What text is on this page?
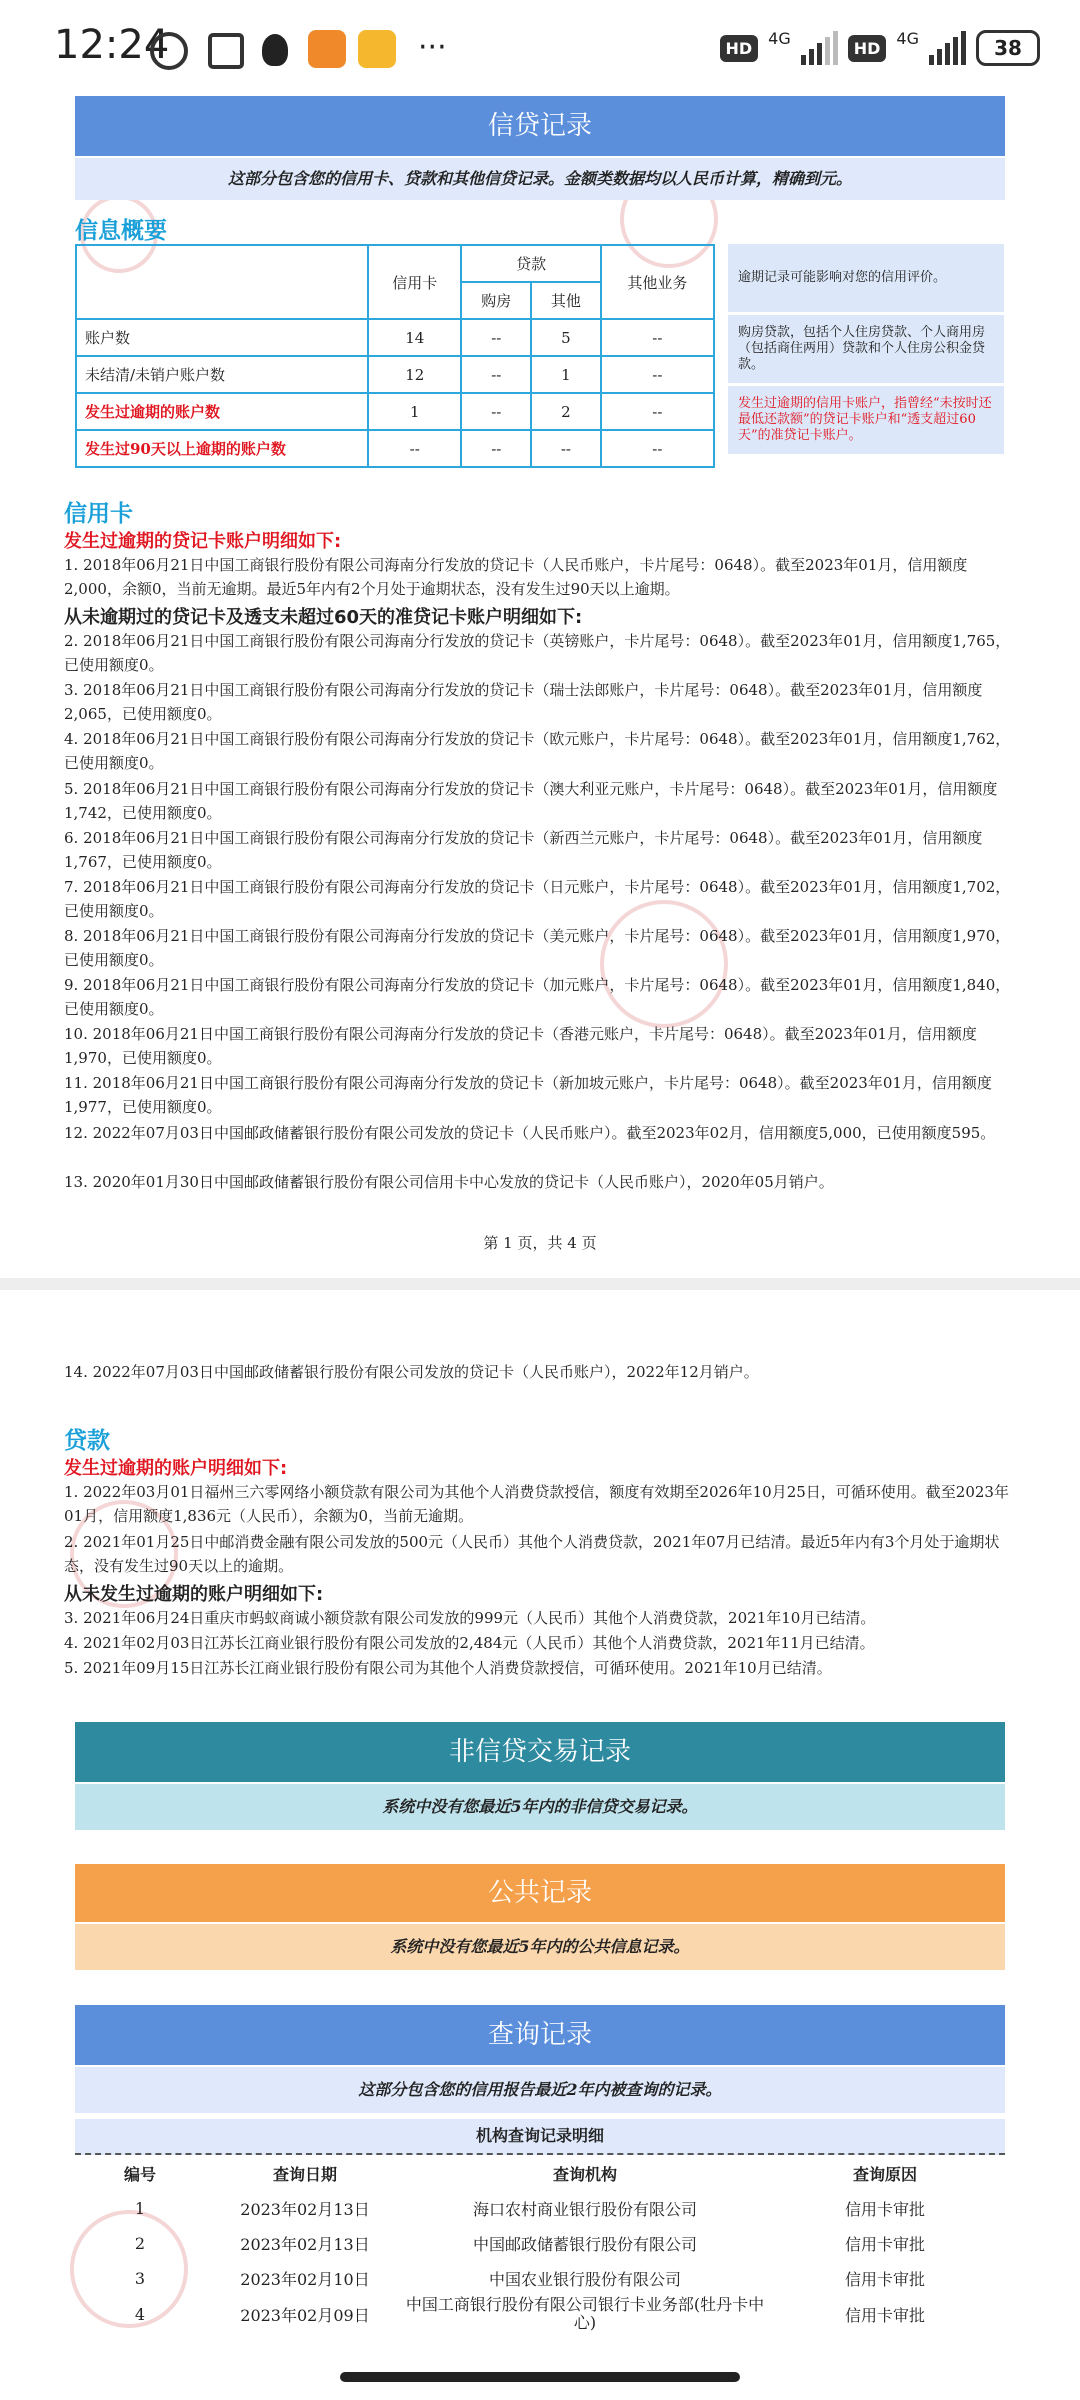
12:24	···	HD
4G
HD
4G	38
信贷记录
这部分包含您的信用卡、贷款和其他信贷记录。金额类数据均以人民币计算，精确到元。
信息概要
	信用卡	贷款		其他业务
		购房	其他	
账户数	14	--	5	--
未结清/未销户账户数	12	--	1	--
发生过逾期的账户数	1	--	2	--
发生过90天以上逾期的账户数	--	--	--	--
逾期记录可能影响对您的信用评价。
购房贷款，包括个人住房贷款、个人商用房（包括商住两用）贷款和个人住房公积金贷款。
发生过逾期的信用卡账户，指曾经“未按时还最低还款额”的贷记卡账户和“透支超过60天”的准贷记卡账户。
信用卡
发生过逾期的贷记卡账户明细如下:
1. 2018年06月21日中国工商银行股份有限公司海南分行发放的贷记卡（人民币账户，卡片尾号：0648）。截至2023年01月，信用额度2,000，余额0，当前无逾期。最近5年内有2个月处于逾期状态，没有发生过90天以上逾期。
从未逾期过的贷记卡及透支未超过60天的准贷记卡账户明细如下:
2. 2018年06月21日中国工商银行股份有限公司海南分行发放的贷记卡（英镑账户，卡片尾号：0648）。截至2023年01月，信用额度1,765，已使用额度0。
3. 2018年06月21日中国工商银行股份有限公司海南分行发放的贷记卡（瑞士法郎账户，卡片尾号：0648）。截至2023年01月，信用额度2,065，已使用额度0。
4. 2018年06月21日中国工商银行股份有限公司海南分行发放的贷记卡（欧元账户，卡片尾号：0648）。截至2023年01月，信用额度1,762，已使用额度0。
5. 2018年06月21日中国工商银行股份有限公司海南分行发放的贷记卡（澳大利亚元账户，卡片尾号：0648）。截至2023年01月，信用额度1,742，已使用额度0。
6. 2018年06月21日中国工商银行股份有限公司海南分行发放的贷记卡（新西兰元账户，卡片尾号：0648）。截至2023年01月，信用额度1,767，已使用额度0。
7. 2018年06月21日中国工商银行股份有限公司海南分行发放的贷记卡（日元账户，卡片尾号：0648）。截至2023年01月，信用额度1,702，已使用额度0。
8. 2018年06月21日中国工商银行股份有限公司海南分行发放的贷记卡（美元账户，卡片尾号：0648）。截至2023年01月，信用额度1,970，已使用额度0。
9. 2018年06月21日中国工商银行股份有限公司海南分行发放的贷记卡（加元账户，卡片尾号：0648）。截至2023年01月，信用额度1,840，已使用额度0。
10. 2018年06月21日中国工商银行股份有限公司海南分行发放的贷记卡（香港元账户，卡片尾号：0648）。截至2023年01月，信用额度1,970，已使用额度0。
11. 2018年06月21日中国工商银行股份有限公司海南分行发放的贷记卡（新加坡元账户，卡片尾号：0648）。截至2023年01月，信用额度1,977，已使用额度0。
12. 2022年07月03日中国邮政储蓄银行股份有限公司发放的贷记卡（人民币账户）。截至2023年02月，信用额度5,000，已使用额度595。
13. 2020年01月30日中国邮政储蓄银行股份有限公司信用卡中心发放的贷记卡（人民币账户），2020年05月销户。
第 1 页，共 4 页
14. 2022年07月03日中国邮政储蓄银行股份有限公司发放的贷记卡（人民币账户），2022年12月销户。
贷款
发生过逾期的账户明细如下:
1. 2022年03月01日福州三六零网络小额贷款有限公司为其他个人消费贷款授信，额度有效期至2026年10月25日，可循环使用。截至2023年01月，信用额度1,836元（人民币），余额为0，当前无逾期。
2. 2021年01月25日中邮消费金融有限公司发放的500元（人民币）其他个人消费贷款，2021年07月已结清。最近5年内有3个月处于逾期状态，没有发生过90天以上的逾期。
从未发生过逾期的账户明细如下:
3. 2021年06月24日重庆市蚂蚁商诚小额贷款有限公司发放的999元（人民币）其他个人消费贷款，2021年10月已结清。
4. 2021年02月03日江苏长江商业银行股份有限公司发放的2,484元（人民币）其他个人消费贷款，2021年11月已结清。
5. 2021年09月15日江苏长江商业银行股份有限公司为其他个人消费贷款授信，可循环使用。2021年10月已结清。
非信贷交易记录
系统中没有您最近5年内的非信贷交易记录。
公共记录
系统中没有您最近5年内的公共信息记录。
查询记录
这部分包含您的信用报告最近2年内被查询的记录。
机构查询记录明细
编号	查询日期	查询机构	查询原因
1	2023年02月13日	海口农村商业银行股份有限公司	信用卡审批
2	2023年02月13日	中国邮政储蓄银行股份有限公司	信用卡审批
3	2023年02月10日	中国农业银行股份有限公司	信用卡审批
4	2023年02月09日	中国工商银行股份有限公司银行卡业务部(牡丹卡中心)	信用卡审批
